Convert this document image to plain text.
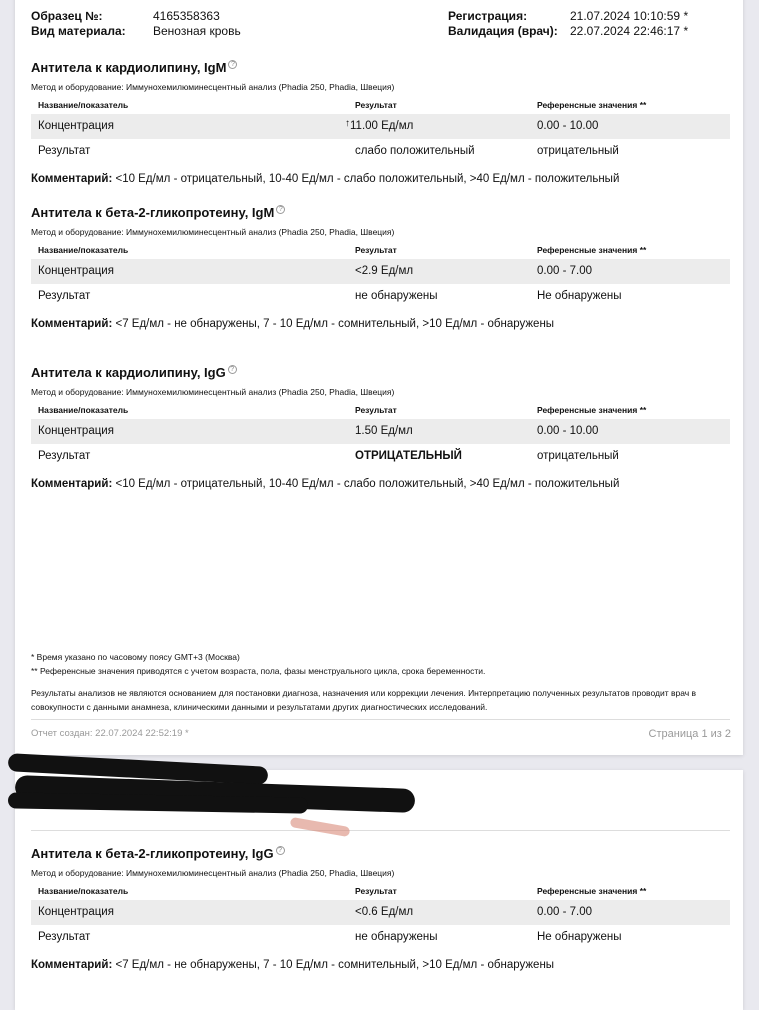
Образец №:	4165358363
Вид материала: Венозная кровь
Регистрация:	21.07.2024 10:10:59 *
Валидация (врач): 22.07.2024 22:46:17 *
Антитела к кардиолипину, IgM ?
Метод и оборудование: Иммунохемилюминесцентный анализ (Phadia 250, Phadia, Швеция)
Название/показатель	Результат	Референсные значения **
Концентрация	↑11.00 Ед/мл	0.00 - 10.00
Результат	слабо положительный	отрицательный
Комментарий: <10 Ед/мл - отрицательный, 10-40 Ед/мл - слабо положительный, >40 Ед/мл - положительный
Антитела к бета-2-гликопротеину, IgM ?
Метод и оборудование: Иммунохемилюминесцентный анализ (Phadia 250, Phadia, Швеция)
Название/показатель	Результат	Референсные значения **
Концентрация	<2.9 Ед/мл	0.00 - 7.00
Результат	не обнаружены	Не обнаружены
Комментарий: <7 Ед/мл - не обнаружены, 7 - 10 Ед/мл - сомнительный, >10 Ед/мл - обнаружены
Антитела к кардиолипину, IgG ?
Метод и оборудование: Иммунохемилюминесцентный анализ (Phadia 250, Phadia, Швеция)
Название/показатель	Результат	Референсные значения **
Концентрация	1.50 Ед/мл	0.00 - 10.00
Результат	ОТРИЦАТЕЛЬНЫЙ	отрицательный
Комментарий: <10 Ед/мл - отрицательный, 10-40 Ед/мл - слабо положительный, >40 Ед/мл - положительный
* Время указано по часовому поясу GMT+3 (Москва)
** Референсные значения приводятся с учетом возраста, пола, фазы менструального цикла, срока беременности.
Результаты анализов не являются основанием для постановки диагноза, назначения или коррекции лечения. Интерпретацию полученных результатов проводит врач в совокупности с данными анамнеза, клиническими данными и результатами других диагностических исследований.
Отчет создан: 22.07.2024 22:52:19 *	Страница 1 из 2
Антитела к бета-2-гликопротеину, IgG ?
Метод и оборудование: Иммунохемилюминесцентный анализ (Phadia 250, Phadia, Швеция)
Название/показатель	Результат	Референсные значения **
Концентрация	<0.6 Ед/мл	0.00 - 7.00
Результат	не обнаружены	Не обнаружены
Комментарий: <7 Ед/мл - не обнаружены, 7 - 10 Ед/мл - сомнительный, >10 Ед/мл - обнаружены
